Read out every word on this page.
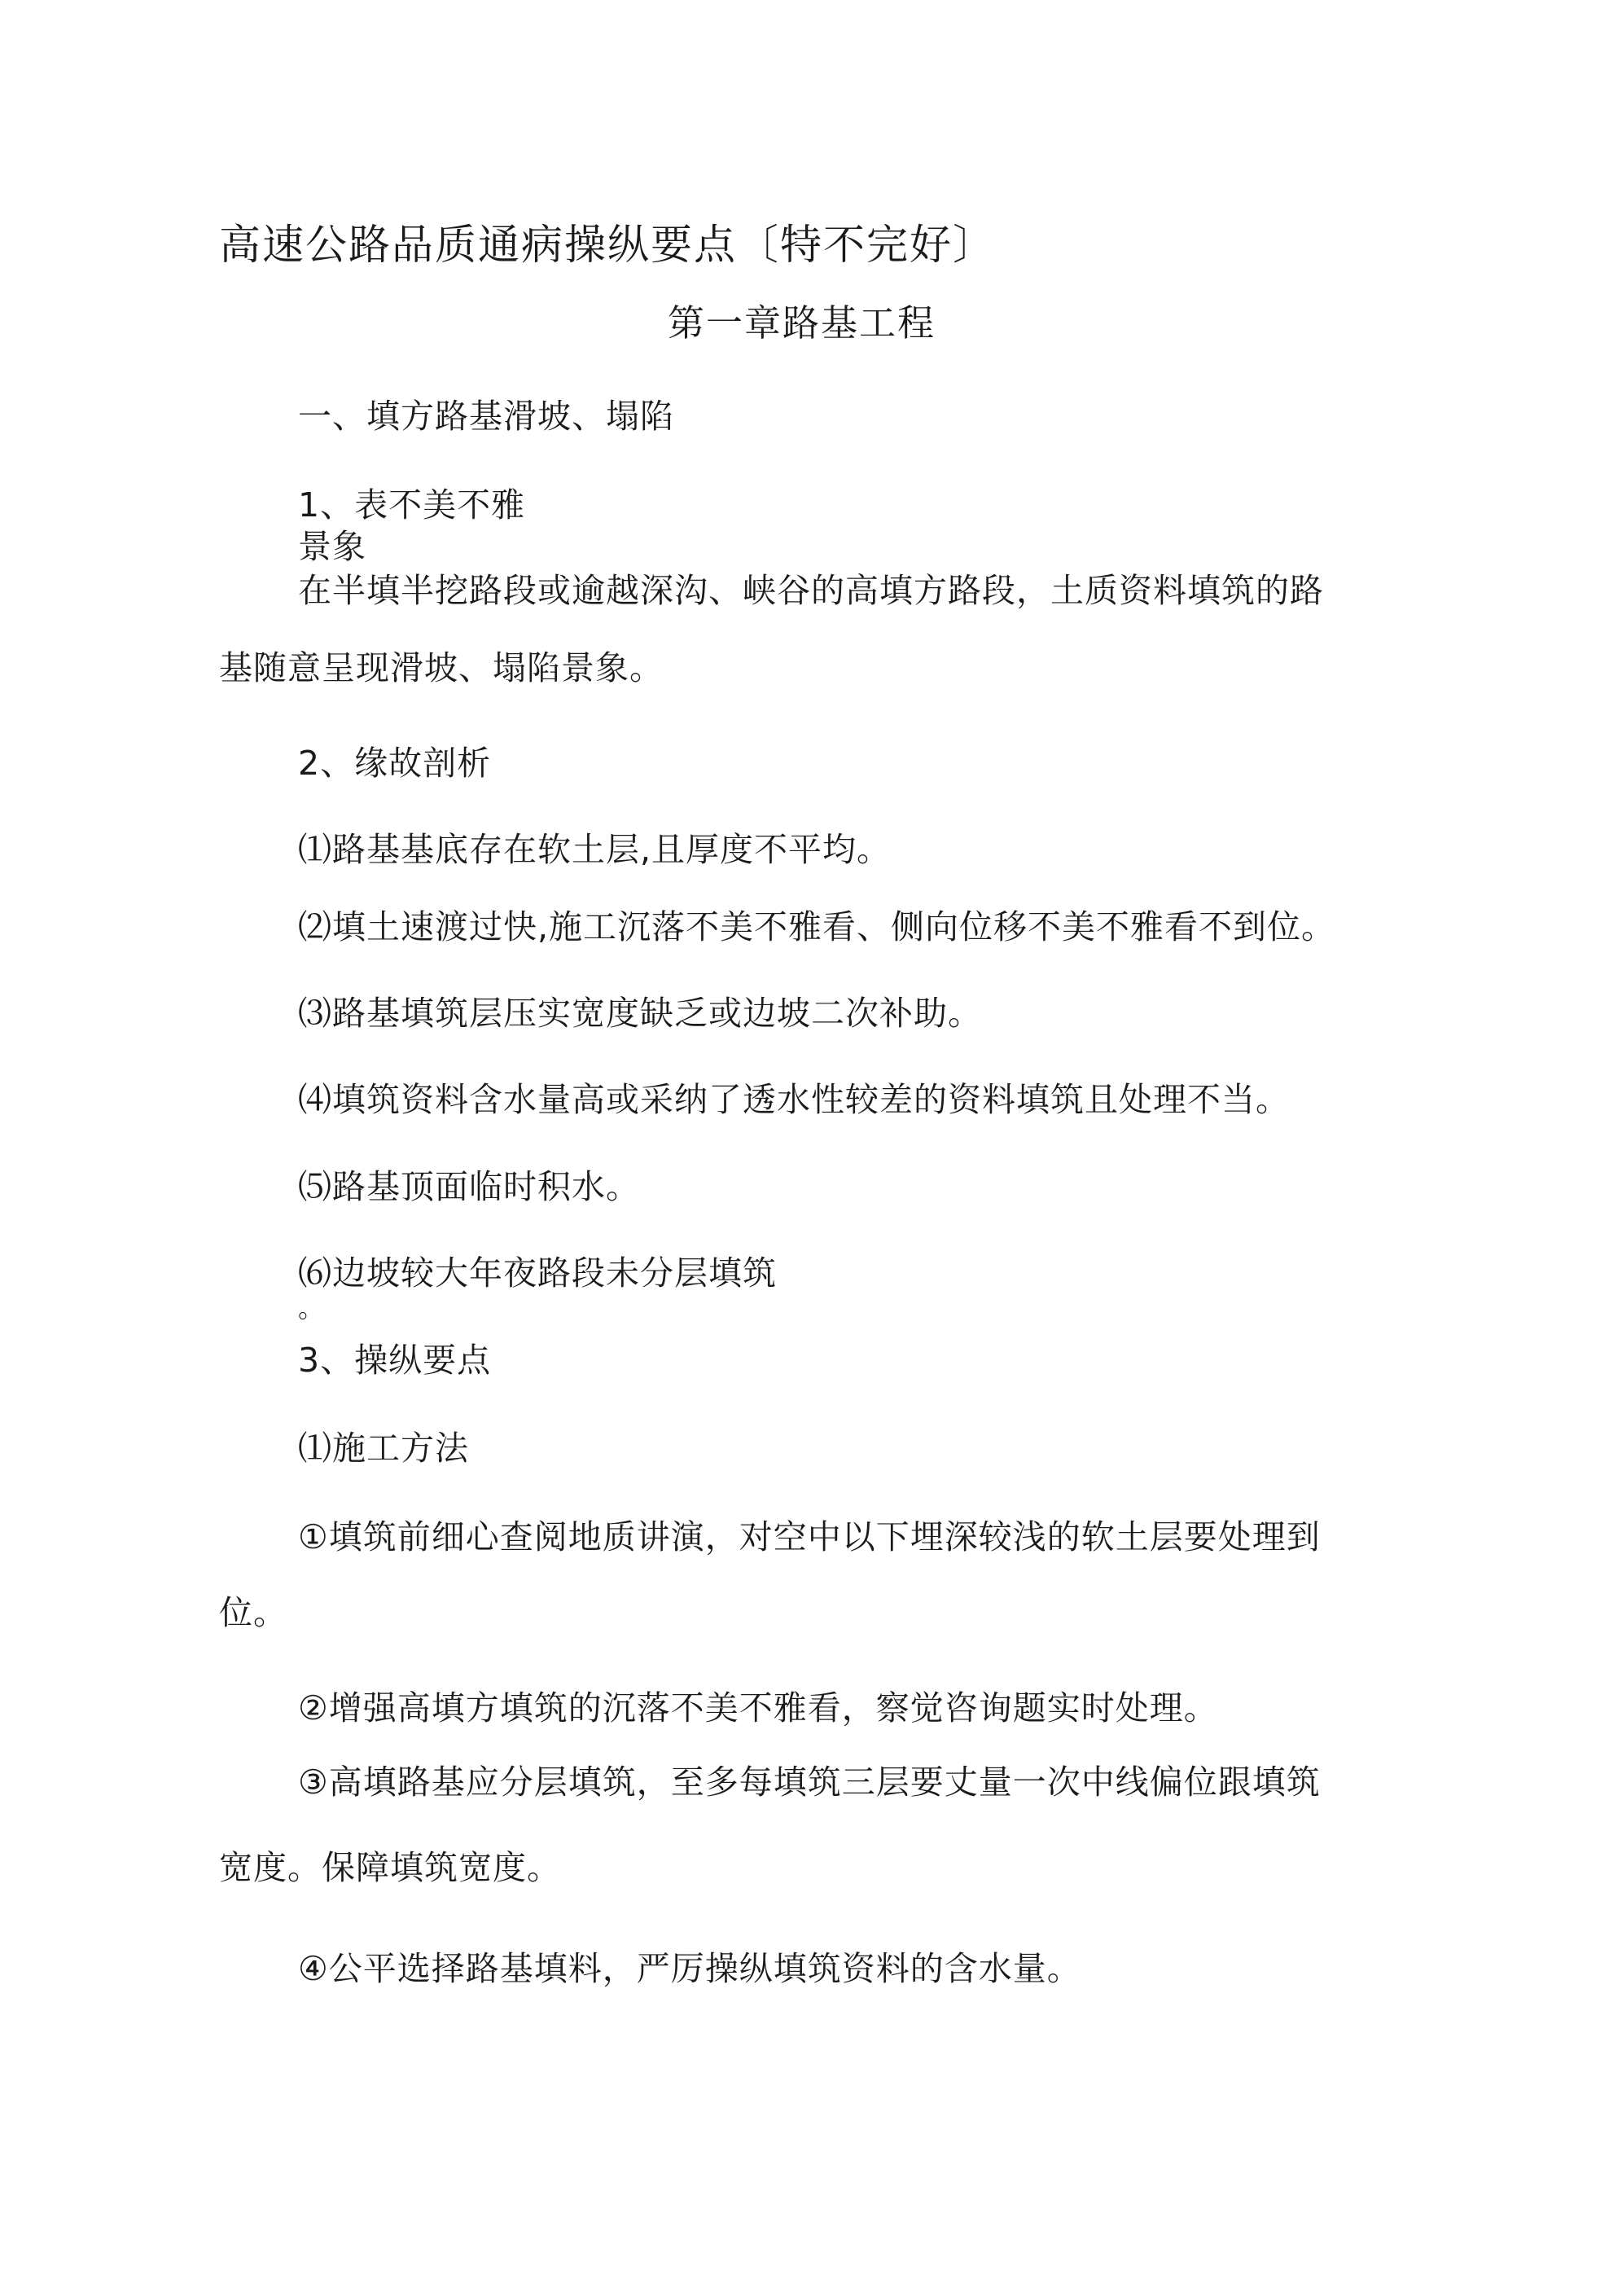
高速公路品质通病操纵要点〔特不完好〕
第一章路基工程
一、填方路基滑坡、塌陷
1、表不美不雅
景象
在半填半挖路段或逾越深沟、峡谷的高填方路段，土质资料填筑的路
基随意呈现滑坡、塌陷景象。
2、缘故剖析
⑴路基基底存在软土层,且厚度不平均。
⑵填土速渡过快,施工沉落不美不雅看、侧向位移不美不雅看不到位。
⑶路基填筑层压实宽度缺乏或边坡二次补助。
⑷填筑资料含水量高或采纳了透水性较差的资料填筑且处理不当。
⑸路基顶面临时积水。
⑹边坡较大年夜路段未分层填筑
。
3、操纵要点
⑴施工方法
①填筑前细心查阅地质讲演，对空中以下埋深较浅的软土层要处理到
位。
②增强高填方填筑的沉落不美不雅看，察觉咨询题实时处理。
③高填路基应分层填筑，至多每填筑三层要丈量一次中线偏位跟填筑
宽度。保障填筑宽度。
④公平选择路基填料，严厉操纵填筑资料的含水量。
